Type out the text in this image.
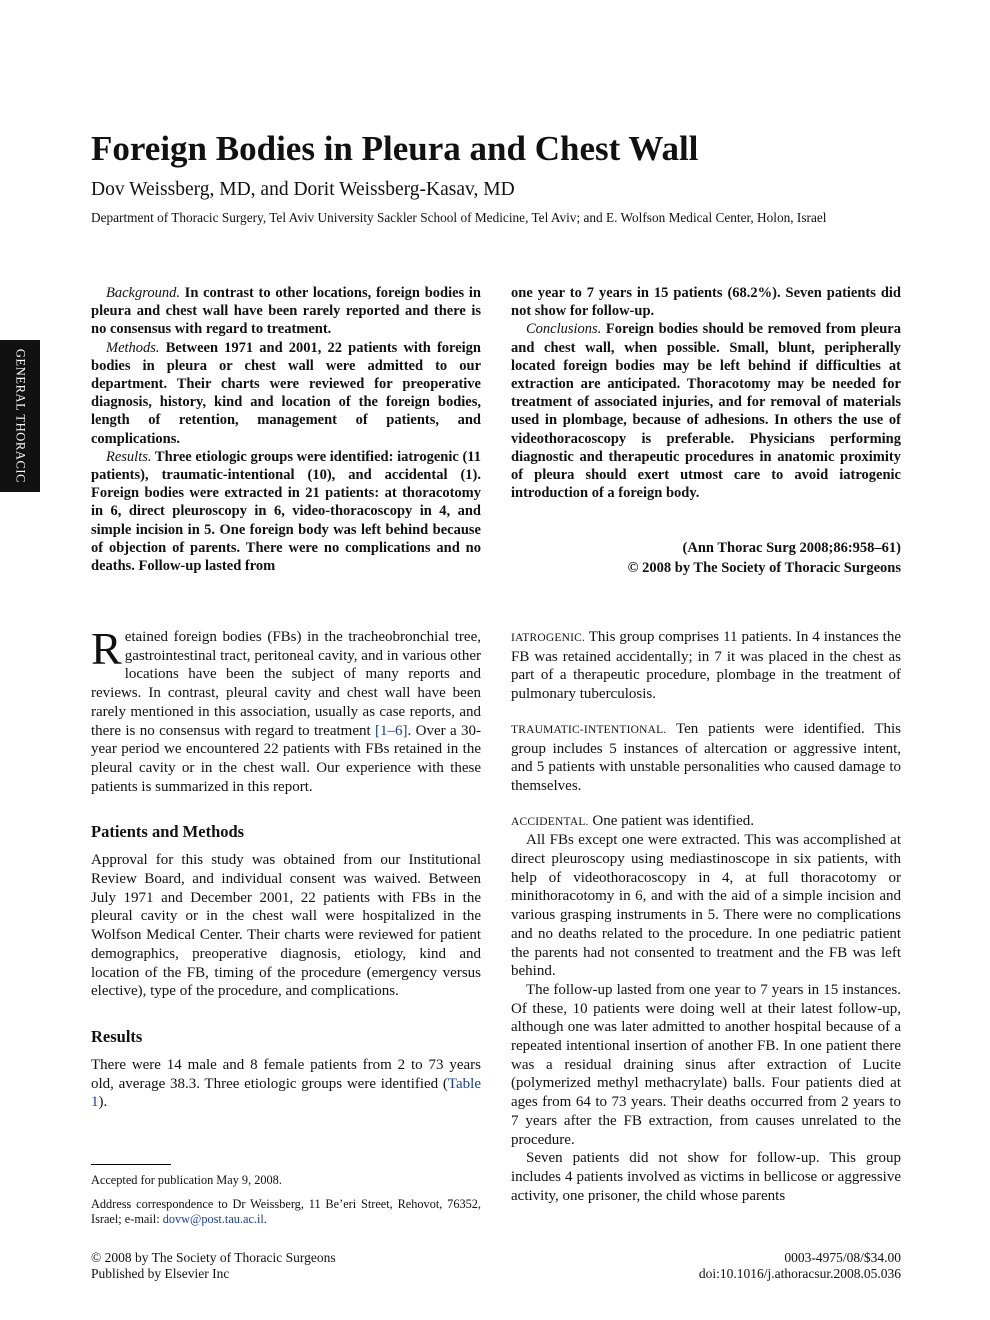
GENERAL THORACIC
Foreign Bodies in Pleura and Chest Wall
Dov Weissberg, MD, and Dorit Weissberg-Kasav, MD
Department of Thoracic Surgery, Tel Aviv University Sackler School of Medicine, Tel Aviv; and E. Wolfson Medical Center, Holon, Israel

Background. In contrast to other locations, foreign bodies in pleura and chest wall have been rarely reported and there is no consensus with regard to treatment.

Methods. Between 1971 and 2001, 22 patients with foreign bodies in pleura or chest wall were admitted to our department. Their charts were reviewed for preoperative diagnosis, history, kind and location of the foreign bodies, length of retention, management of patients, and complications.

Results. Three etiologic groups were identified: iatrogenic (11 patients), traumatic-intentional (10), and accidental (1). Foreign bodies were extracted in 21 patients: at thoracotomy in 6, direct pleuroscopy in 6, video-thoracoscopy in 4, and simple incision in 5. One foreign body was left behind because of objection of parents. There were no complications and no deaths. Follow-up lasted from

one year to 7 years in 15 patients (68.2%). Seven patients did not show for follow-up.

Conclusions. Foreign bodies should be removed from pleura and chest wall, when possible. Small, blunt, peripherally located foreign bodies may be left behind if difficulties at extraction are anticipated. Thoracotomy may be needed for treatment of associated injuries, and for removal of materials used in plombage, because of adhesions. In others the use of videothoracoscopy is preferable. Physicians performing diagnostic and therapeutic procedures in anatomic proximity of pleura should exert utmost care to avoid iatrogenic introduction of a foreign body.

(Ann Thorac Surg 2008;86:958–61)
© 2008 by The Society of Thoracic Surgeons

Retained foreign bodies (FBs) in the tracheobronchial tree, gastrointestinal tract, peritoneal cavity, and in various other locations have been the subject of many reports and reviews. In contrast, pleural cavity and chest wall have been rarely mentioned in this association, usually as case reports, and there is no consensus with regard to treatment [1–6]. Over a 30-year period we encountered 22 patients with FBs retained in the pleural cavity or in the chest wall. Our experience with these patients is summarized in this report.

Patients and Methods

Approval for this study was obtained from our Institutional Review Board, and individual consent was waived. Between July 1971 and December 2001, 22 patients with FBs in the pleural cavity or in the chest wall were hospitalized in the Wolfson Medical Center. Their charts were reviewed for patient demographics, preoperative diagnosis, etiology, kind and location of the FB, timing of the procedure (emergency versus elective), type of the procedure, and complications.

Results

There were 14 male and 8 female patients from 2 to 73 years old, average 38.3. Three etiologic groups were identified (Table 1).

IATROGENIC. This group comprises 11 patients. In 4 instances the FB was retained accidentally; in 7 it was placed in the chest as part of a therapeutic procedure, plombage in the treatment of pulmonary tuberculosis.

TRAUMATIC-INTENTIONAL. Ten patients were identified. This group includes 5 instances of altercation or aggressive intent, and 5 patients with unstable personalities who caused damage to themselves.

ACCIDENTAL. One patient was identified.

All FBs except one were extracted. This was accomplished at direct pleuroscopy using mediastinoscope in six patients, with help of videothoracoscopy in 4, at full thoracotomy or minithoracotomy in 6, and with the aid of a simple incision and various grasping instruments in 5. There were no complications and no deaths related to the procedure. In one pediatric patient the parents had not consented to treatment and the FB was left behind.

The follow-up lasted from one year to 7 years in 15 instances. Of these, 10 patients were doing well at their latest follow-up, although one was later admitted to another hospital because of a repeated intentional insertion of another FB. In one patient there was a residual draining sinus after extraction of Lucite (polymerized methyl methacrylate) balls. Four patients died at ages from 64 to 73 years. Their deaths occurred from 2 years to 7 years after the FB extraction, from causes unrelated to the procedure.

Seven patients did not show for follow-up. This group includes 4 patients involved as victims in bellicose or aggressive activity, one prisoner, the child whose parents

Accepted for publication May 9, 2008.

Address correspondence to Dr Weissberg, 11 Be’eri Street, Rehovot, 76352, Israel; e-mail: dovw@post.tau.ac.il.

© 2008 by The Society of Thoracic Surgeons
Published by Elsevier Inc
0003-4975/08/$34.00
doi:10.1016/j.athoracsur.2008.05.036
